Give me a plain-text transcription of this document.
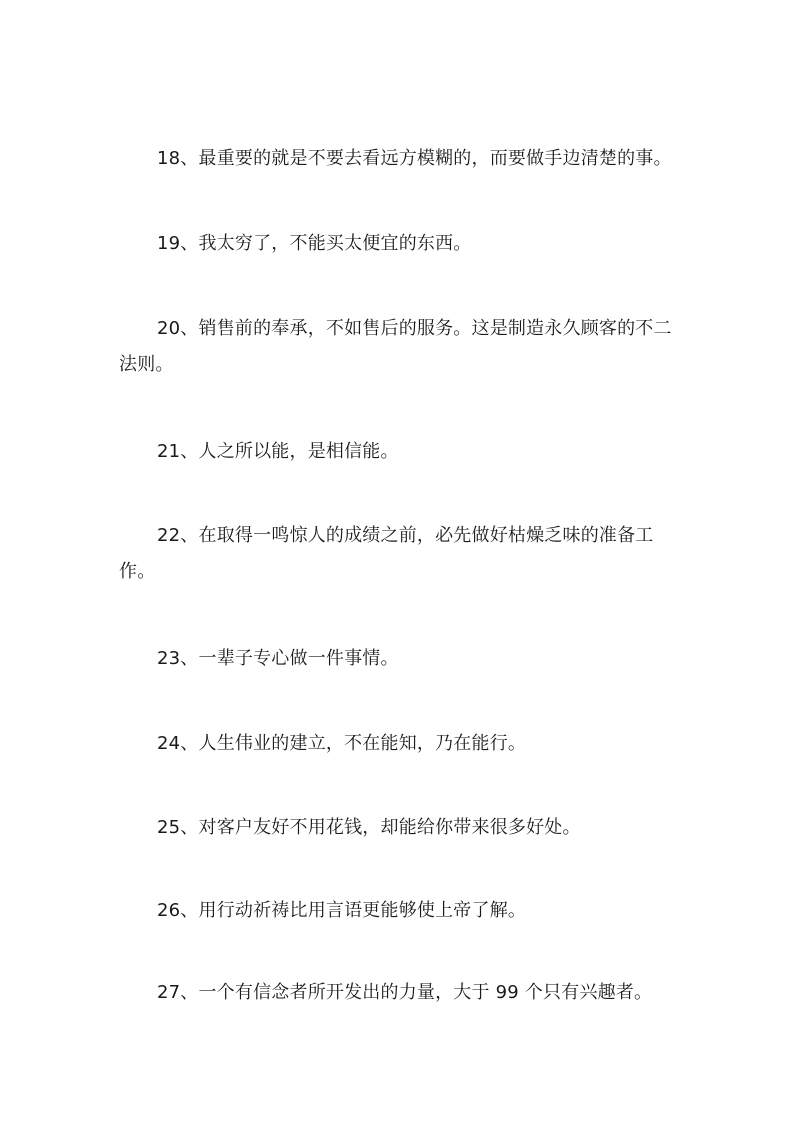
18、最重要的就是不要去看远方模糊的，而要做手边清楚的事。

19、我太穷了，不能买太便宜的东西。

20、销售前的奉承，不如售后的服务。这是制造永久顾客的不二法则。

21、人之所以能，是相信能。

22、在取得一鸣惊人的成绩之前，必先做好枯燥乏味的准备工作。

23、一辈子专心做一件事情。

24、人生伟业的建立，不在能知，乃在能行。

25、对客户友好不用花钱，却能给你带来很多好处。

26、用行动祈祷比用言语更能够使上帝了解。

27、一个有信念者所开发出的力量，大于 99 个只有兴趣者。
